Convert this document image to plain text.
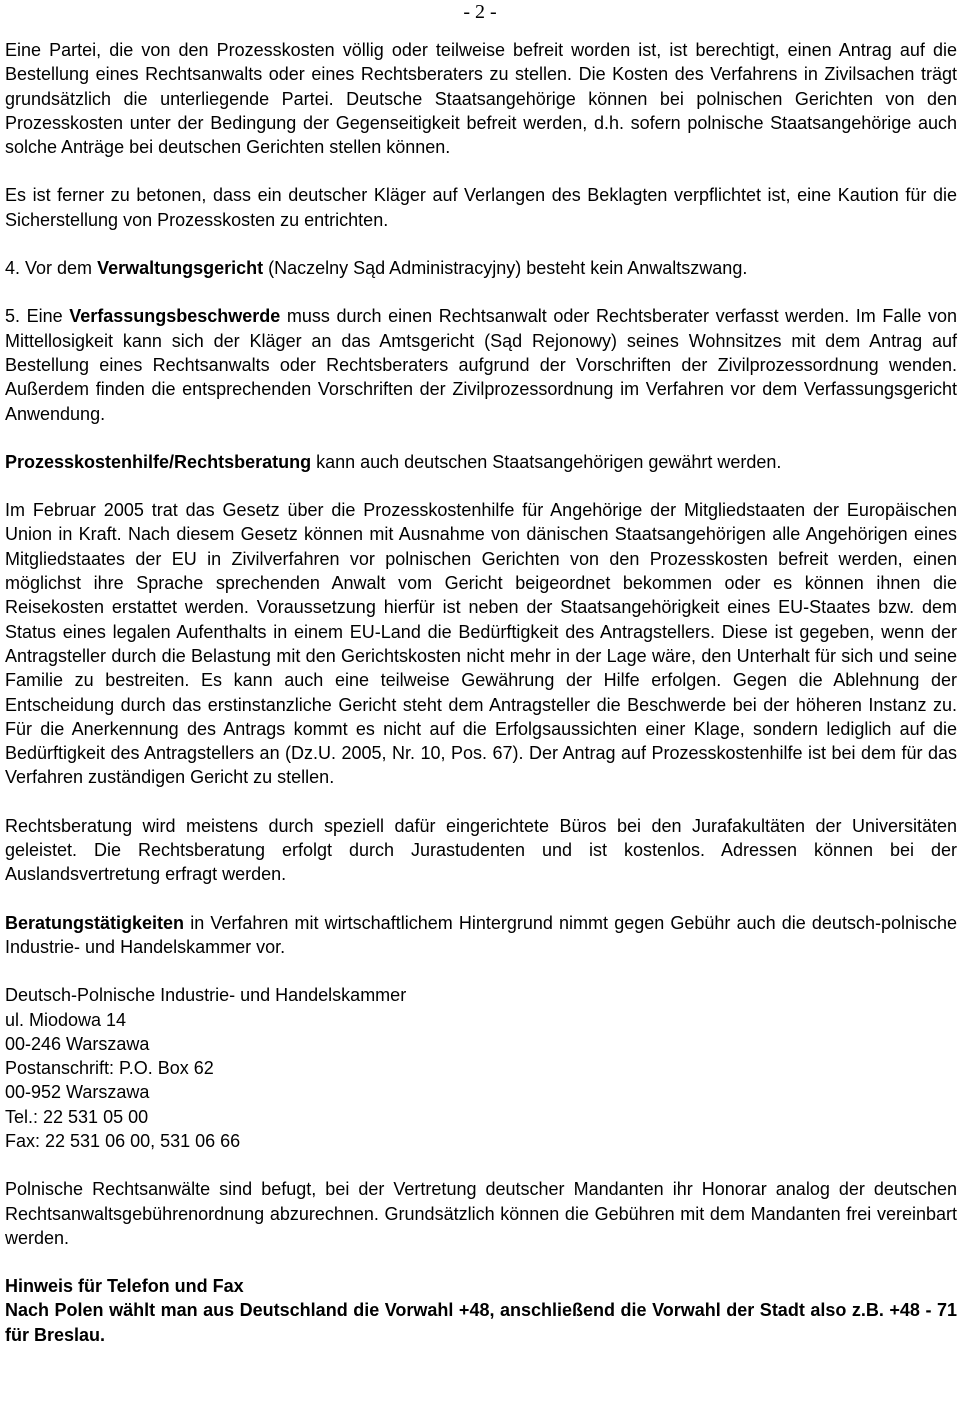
- 2 -

Eine Partei, die von den Prozesskosten völlig oder teilweise befreit worden ist, ist berechtigt, einen Antrag auf die Bestellung eines Rechtsanwalts oder eines Rechtsberaters zu stellen. Die Kosten des Verfahrens in Zivilsachen trägt grundsätzlich die unterliegende Partei. Deutsche Staatsangehörige können bei polnischen Gerichten von den Prozesskosten unter der Bedingung der Gegenseitigkeit befreit werden, d.h. sofern polnische Staatsangehörige auch solche Anträge bei deutschen Gerichten stellen können.

Es ist ferner zu betonen, dass ein deutscher Kläger auf Verlangen des Beklagten verpflichtet ist, eine Kaution für die Sicherstellung von Prozesskosten zu entrichten.

4. Vor dem Verwaltungsgericht (Naczelny Sąd Administracyjny) besteht kein Anwaltszwang.

5. Eine Verfassungsbeschwerde muss durch einen Rechtsanwalt oder Rechtsberater verfasst werden. Im Falle von Mittellosigkeit kann sich der Kläger an das Amtsgericht (Sąd Rejonowy) seines Wohnsitzes mit dem Antrag auf Bestellung eines Rechtsanwalts oder Rechtsberaters aufgrund der Vorschriften der Zivilprozessordnung wenden. Außerdem finden die entsprechenden Vorschriften der Zivilprozessordnung im Verfahren vor dem Verfassungsgericht Anwendung.

Prozesskostenhilfe/Rechtsberatung kann auch deutschen Staatsangehörigen gewährt werden.

Im Februar 2005 trat das Gesetz über die Prozesskostenhilfe für Angehörige der Mitgliedstaaten der Europäischen Union in Kraft. Nach diesem Gesetz können mit Ausnahme von dänischen Staatsangehörigen alle Angehörigen eines Mitgliedstaates der EU in Zivilverfahren vor polnischen Gerichten von den Prozesskosten befreit werden, einen möglichst ihre Sprache sprechenden Anwalt vom Gericht beigeordnet bekommen oder es können ihnen die Reisekosten erstattet werden. Voraussetzung hierfür ist neben der Staatsangehörigkeit eines EU-Staates bzw. dem Status eines legalen Aufenthalts in einem EU-Land die Bedürftigkeit des Antragstellers. Diese ist gegeben, wenn der Antragsteller durch die Belastung mit den Gerichtskosten nicht mehr in der Lage wäre, den Unterhalt für sich und seine Familie zu bestreiten. Es kann auch eine teilweise Gewährung der Hilfe erfolgen. Gegen die Ablehnung der Entscheidung durch das erstinstanzliche Gericht steht dem Antragsteller die Beschwerde bei der höheren Instanz zu. Für die Anerkennung des Antrags kommt es nicht auf die Erfolgsaussichten einer Klage, sondern lediglich auf die Bedürftigkeit des Antragstellers an (Dz.U. 2005, Nr. 10, Pos. 67). Der Antrag auf Prozesskostenhilfe ist bei dem für das Verfahren zuständigen Gericht zu stellen.

Rechtsberatung wird meistens durch speziell dafür eingerichtete Büros bei den Jurafakultäten der Universitäten geleistet. Die Rechtsberatung erfolgt durch Jurastudenten und ist kostenlos. Adressen können bei der Auslandsvertretung erfragt werden.

Beratungstätigkeiten in Verfahren mit wirtschaftlichem Hintergrund nimmt gegen Gebühr auch die deutsch-polnische Industrie- und Handelskammer vor.

Deutsch-Polnische Industrie- und Handelskammer
ul. Miodowa 14
00-246 Warszawa
Postanschrift: P.O. Box 62
00-952 Warszawa
Tel.: 22 531 05 00
Fax: 22 531 06 00, 531 06 66

Polnische Rechtsanwälte sind befugt, bei der Vertretung deutscher Mandanten ihr Honorar analog der deutschen Rechtsanwaltsgebührenordnung abzurechnen. Grundsätzlich können die Gebühren mit dem Mandanten frei vereinbart werden.

Hinweis für Telefon und Fax
Nach Polen wählt man aus Deutschland die Vorwahl +48, anschließend die Vorwahl der Stadt also z.B. +48 - 71 für Breslau.
